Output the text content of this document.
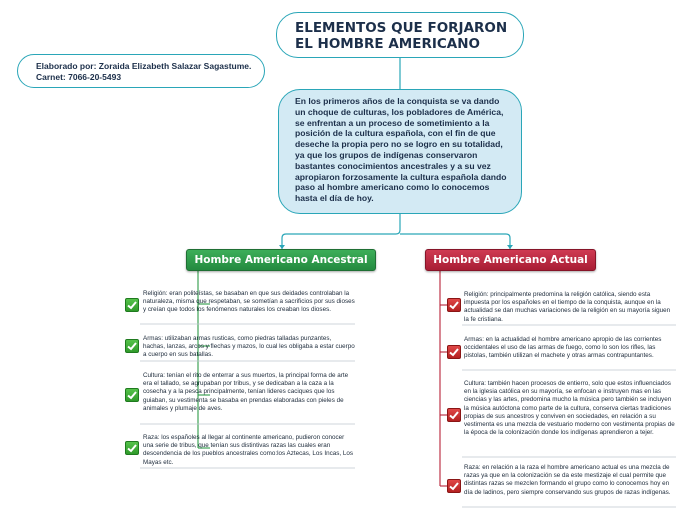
ELEMENTOS QUE FORJARON EL HOMBRE AMERICANO
Elaborado por: Zoraida Elizabeth Salazar Sagastume. Carnet: 7066-20-5493
En los primeros años de la conquista se va dando un choque de culturas, los pobladores de América, se enfrentan a un proceso de sometimiento a la posición de la cultura española, con el fin de que deseche la propia pero no se logro en su totalidad, ya que los grupos de indígenas conservaron bastantes conocimientos ancestrales y a su vez apropiaron forzosamente la cultura española dando paso al hombre americano como lo conocemos hasta el día de hoy.
Hombre Americano Ancestral	Hombre Americano Actual
Religión: eran politeístas, se basaban en que sus deidades controlaban la naturaleza, misma que respetaban, se sometían a sacrificios por sus dioses y creían que todos los fenómenos naturales los creaban los dioses.
Armas: utilizaban armas rusticas, como piedras talladas punzantes, hachas, lanzas, arcos y flechas y mazos, lo cual les obligaba a estar cuerpo a cuerpo en sus batallas.
Cultura: tenían el rito de enterrar a sus muertos, la principal forma de arte era el tallado, se agrupaban por tribus, y se dedicaban a la caza a la cosecha y a la pesca principalmente, tenían lideres caciques que los guiaban, su vestimenta se basaba en prendas elaboradas con pieles de animales y plumaje de aves.
Raza: los españoles al llegar al continente americano, pudieron conocer una serie de tribus, que tenían sus distintivas razas las cuales eran descendencia de los pueblos ancestrales como:los Aztecas, Los Incas, Los Mayas etc.
Religión: principalmente predomina la religión católica, siendo esta impuesta por los españoles en el tiempo de la conquista, aunque en la actualidad se dan muchas variaciones de la religión en su mayoría siguen la fe cristiana.
Armas: en la actualidad el hombre americano apropio de las corrientes occidentales el uso de las armas de fuego, como lo son los rifles, las pistolas, también utilizan el machete y otras armas contrapuntantes.
Cultura: también hacen procesos de entierro, solo que estos influenciados en la iglesia católica en su mayoría, se enfocan e instruyen mas en las ciencias y las artes, predomina mucho la música pero también se incluyen la música autóctona como parte de la cultura, conserva ciertas tradiciones propias de sus ancestros y conviven en sociedades, en relación a su vestimenta es una mezcla de vestuario moderno con vestimenta propias de la época de la colonización donde los indígenas aprendieron a tejer.
Raza: en relación a la raza el hombre americano actual es una mezcla de razas ya que en la colonización se da este mestizaje el cual permite que distintas razas se mezclen formando el grupo como lo conocemos hoy en día de ladinos, pero siempre conservando sus grupos de razas indígenas.
